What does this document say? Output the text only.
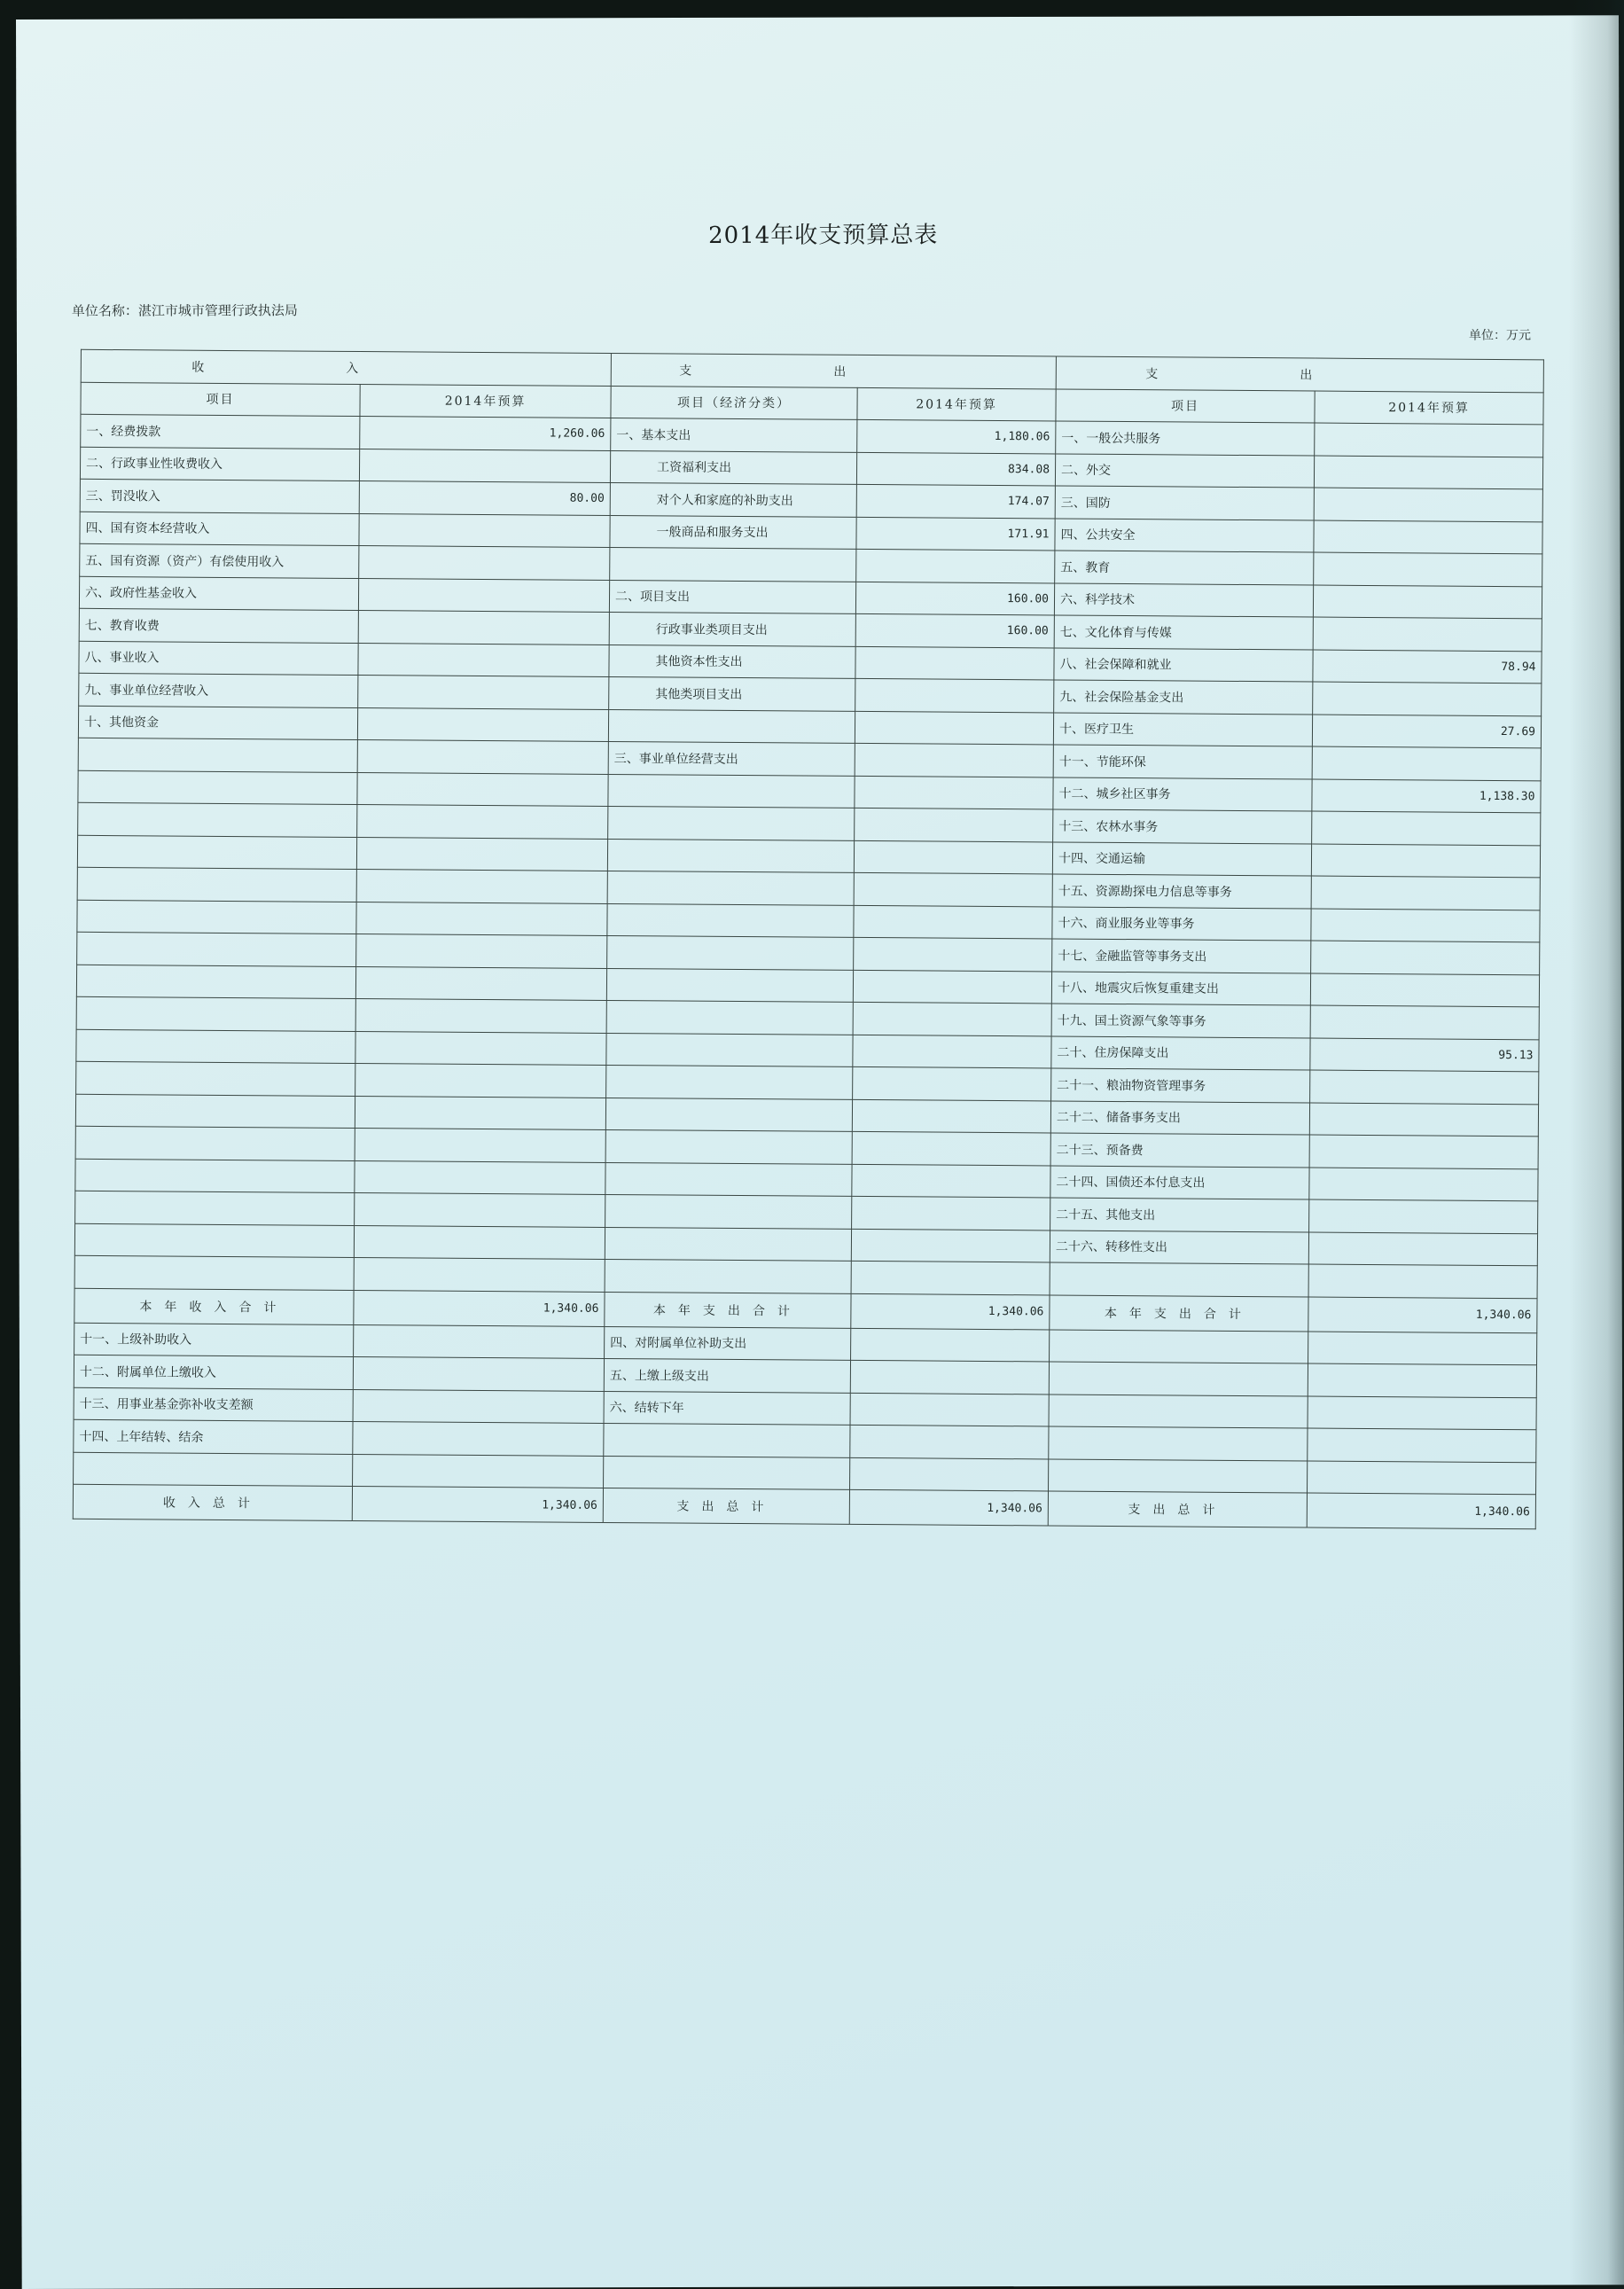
2014年收支预算总表
单位名称：湛江市城市管理行政执法局
单位：万元
收入		支出		支出	
项目	2014年预算	项目（经济分类）	2014年预算	项目	2014年预算
一、经费拨款	1,260.06	一、基本支出	1,180.06	一、一般公共服务	
二、行政事业性收费收入		工资福利支出	834.08	二、外交	
三、罚没收入	80.00	对个人和家庭的补助支出	174.07	三、国防	
四、国有资本经营收入		一般商品和服务支出	171.91	四、公共安全	
五、国有资源（资产）有偿使用收入				五、教育	
六、政府性基金收入		二、项目支出	160.00	六、科学技术	
七、教育收费		行政事业类项目支出	160.00	七、文化体育与传媒	
八、事业收入		其他资本性支出		八、社会保障和就业	78.94
九、事业单位经营收入		其他类项目支出		九、社会保险基金支出	
十、其他资金				十、医疗卫生	27.69
		三、事业单位经营支出		十一、节能环保	
				十二、城乡社区事务	1,138.30
				十三、农林水事务	
				十四、交通运输	
				十五、资源勘探电力信息等事务	
				十六、商业服务业等事务	
				十七、金融监管等事务支出	
				十八、地震灾后恢复重建支出	
				十九、国土资源气象等事务	
				二十、住房保障支出	95.13
				二十一、粮油物资管理事务	
				二十二、储备事务支出	
				二十三、预备费	
				二十四、国债还本付息支出	
				二十五、其他支出	
				二十六、转移性支出	

本年收入合计	1,340.06	本年支出合计	1,340.06	本年支出合计	1,340.06
十一、上级补助收入		四、对附属单位补助支出			
十二、附属单位上缴收入		五、上缴上级支出			
十三、用事业基金弥补收支差额		六、结转下年			
十四、上年结转、结余					

收入总计	1,340.06	支出总计	1,340.06	支出总计	1,340.06
